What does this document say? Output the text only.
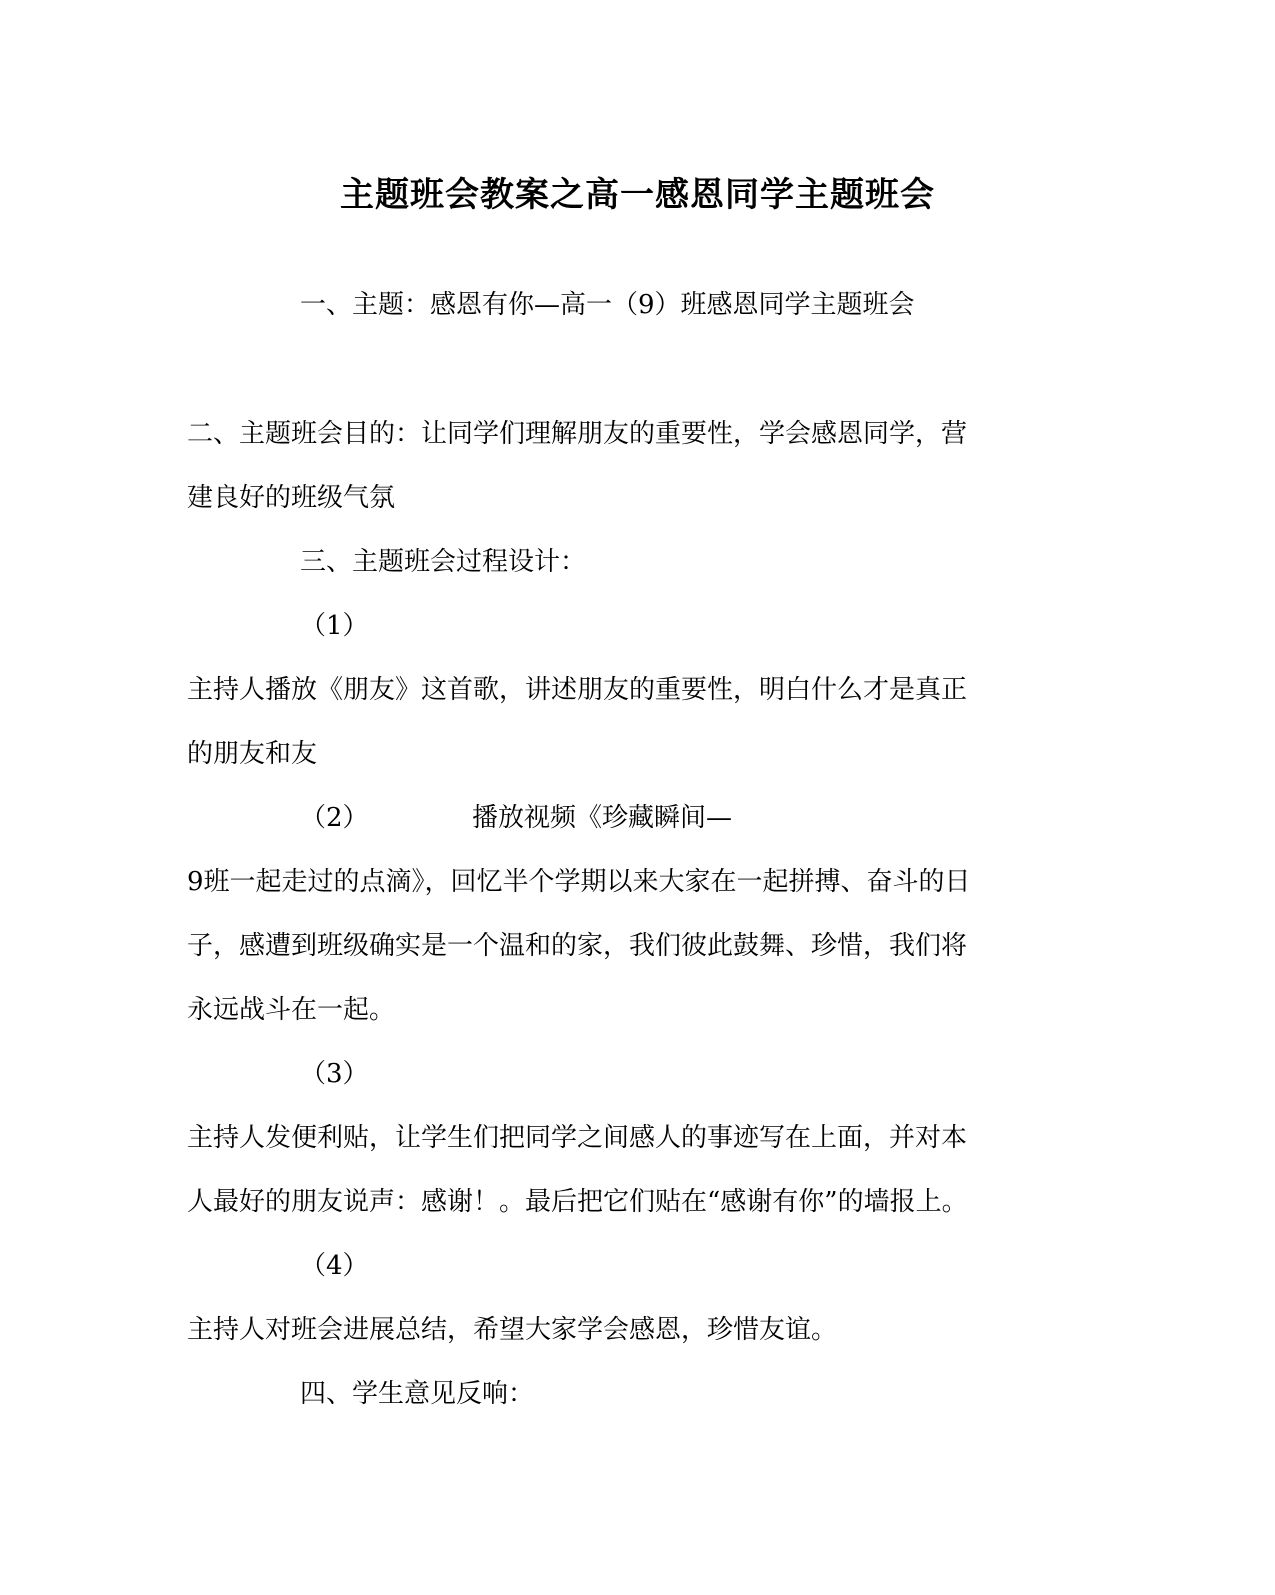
主题班会教案之高一感恩同学主题班会
一、主题：感恩有你—高一（9）班感恩同学主题班会
二、主题班会目的：让同学们理解朋友的重要性，学会感恩同学，营
建良好的班级气氛
三、主题班会过程设计：
（1）
主持人播放《朋友》这首歌，讲述朋友的重要性，明白什么才是真正
的朋友和友
（2）	播放视频《珍藏瞬间—
9班一起走过的点滴》，回忆半个学期以来大家在一起拼搏、奋斗的日
子，感遭到班级确实是一个温和的家，我们彼此鼓舞、珍惜，我们将
永远战斗在一起。
（3）
主持人发便利贴，让学生们把同学之间感人的事迹写在上面，并对本
人最好的朋友说声：感谢！。最后把它们贴在“感谢有你”的墙报上。
（4）
主持人对班会进展总结，希望大家学会感恩，珍惜友谊。
四、学生意见反响：
